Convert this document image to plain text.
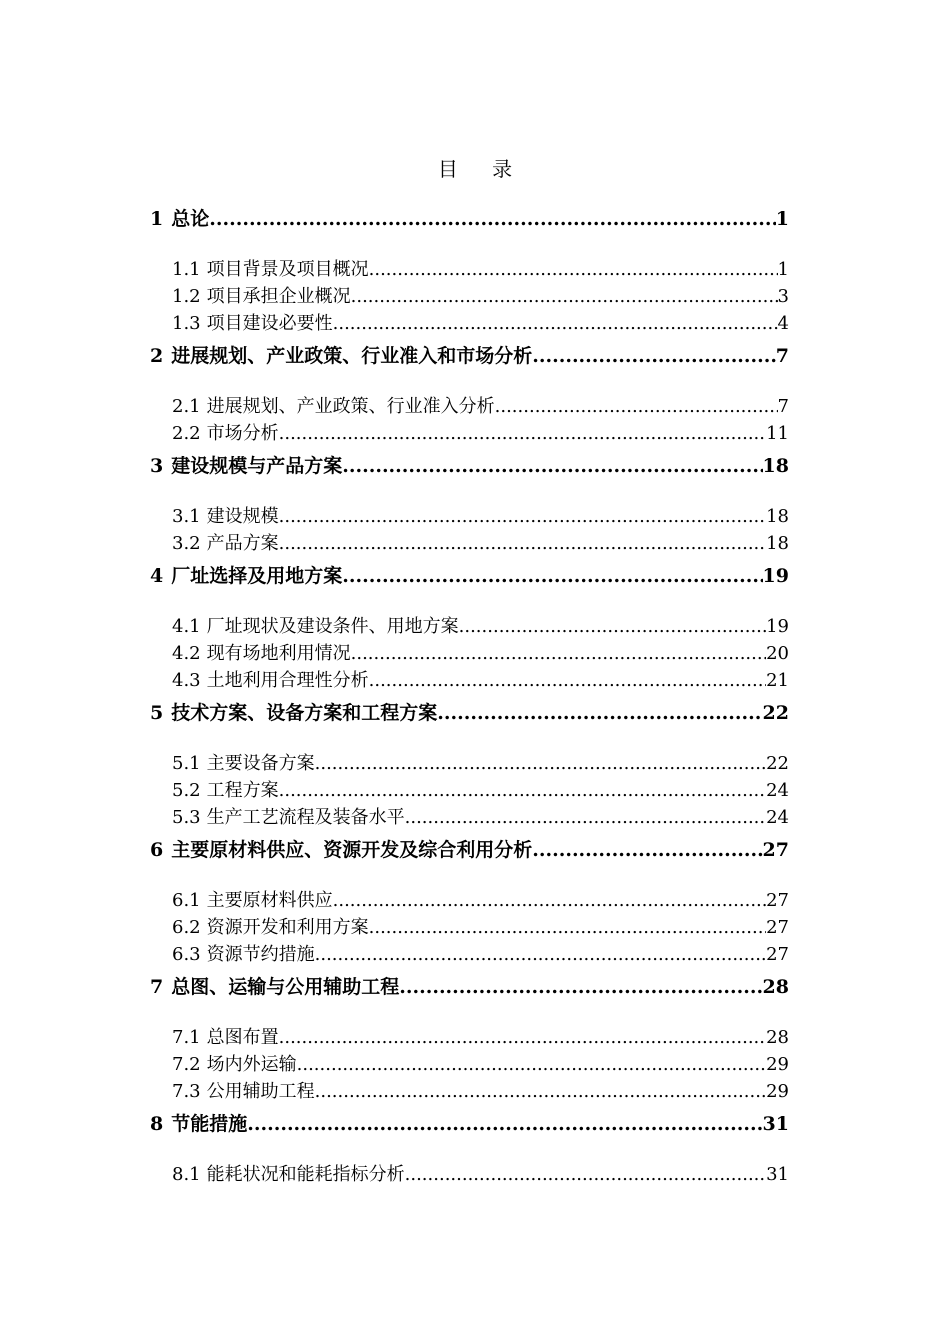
目 录
1 总论 .....	1
1.1 项目背景及项目概况 .....	1
1.2 项目承担企业概况 .....	3
1.3 项目建设必要性 .....	4
2 进展规划、产业政策、行业准入和市场分析 .....	7
2.1 进展规划、产业政策、行业准入分析 .....	7
2.2 市场分析 .....	11
3 建设规模与产品方案 .....	18
3.1 建设规模 .....	18
3.2 产品方案 .....	18
4 厂址选择及用地方案 .....	19
4.1 厂址现状及建设条件、用地方案 .....	19
4.2 现有场地利用情况 .....	20
4.3 土地利用合理性分析 .....	21
5 技术方案、设备方案和工程方案 .....	22
5.1 主要设备方案 .....	22
5.2 工程方案 .....	24
5.3 生产工艺流程及装备水平 .....	24
6 主要原材料供应、资源开发及综合利用分析 .....	27
6.1 主要原材料供应 .....	27
6.2 资源开发和利用方案 .....	27
6.3 资源节约措施 .....	27
7 总图、运输与公用辅助工程 .....	28
7.1 总图布置 .....	28
7.2 场内外运输 .....	29
7.3 公用辅助工程 .....	29
8 节能措施 .....	31
8.1 能耗状况和能耗指标分析 .....	31
